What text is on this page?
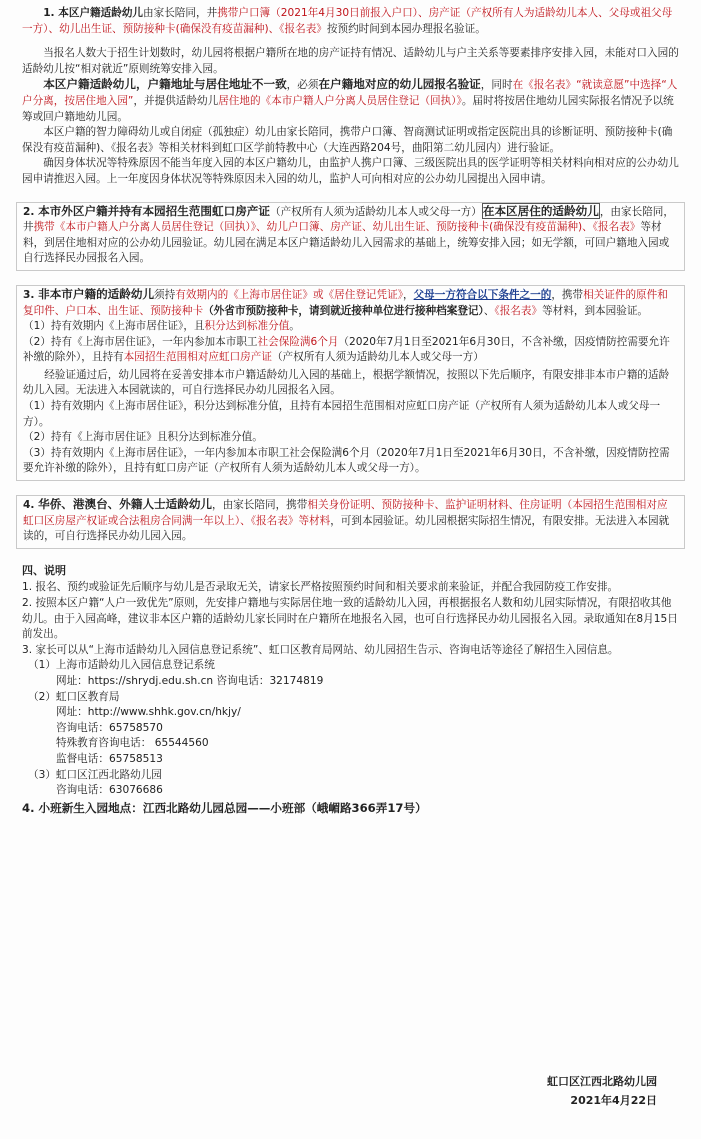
1. 本区户籍适龄幼儿由家长陪同，井携带户口簿（2021年4月30日前报入户口）、房产证（产权所有人为适龄幼儿本人、父母或祖父母一方）、幼儿出生证、预防接种卡(确保没有疫苗漏种)、《报名表》按预约时间到本园办理报名验证。

当报名人数大于招生计划数时，幼儿园将根据户籍所在地的房产证持有情况、适龄幼儿与户主关系等要素排序安排入园，未能对口入园的适龄幼儿按“相对就近”原则统筹安排入园。

本区户籍适龄幼儿，户籍地址与居住地址不一致，必须在户籍地对应的幼儿园报名验证，同时在《报名表》“就读意愿”中选择“人户分离，按居住地入园”，并提供适龄幼儿居住地的《本市户籍人户分离人员居住登记（回执）》。届时将按居住地幼儿园实际报名情况予以统筹或回户籍地幼儿园。

本区户籍的智力障碍幼儿或自闭症（孤独症）幼儿由家长陪同，携带户口簿、智商测试证明或指定医院出具的诊断证明、预防接种卡(确保没有疫苗漏种)、《报名表》等相关材料到虹口区学前特教中心（大连西路204号，曲阳第二幼儿园内）进行验证。

确因身体状况等特殊原因不能当年度入园的本区户籍幼儿，由监护人携户口簿、三级医院出具的医学证明等相关材料向相对应的公办幼儿园申请推迟入园。上一年度因身体状况等特殊原因未入园的幼儿，监护人可向相对应的公办幼儿园提出入园申请。

2. 本市外区户籍并持有本园招生范围虹口房产证（产权所有人须为适龄幼儿本人或父母一方）在本区居住的适龄幼儿，由家长陪同，井携带《本市户籍人户分离人员居住登记（回执）》、幼儿户口簿、房产证、幼儿出生证、预防接种卡(确保没有疫苗漏种)、《报名表》等材料，到居住地相对应的公办幼儿园验证。幼儿园在满足本区户籍适龄幼儿入园需求的基础上，统筹安排入园；如无学额，可回户籍地入园或自行选择民办园报名入园。

3. 非本市户籍的适龄幼儿须持有效期内的《上海市居住证》或《居住登记凭证》，父母一方符合以下条件之一的，携带相关证件的原件和复印件、户口本、出生证、预防接种卡（外省市预防接种卡，请到就近接种单位进行接种档案登记）、《报名表》等材料，到本园验证。

（1）持有效期内《上海市居住证》，且积分达到标准分值。

（2）持有《上海市居住证》，一年内参加本市职工社会保险满6个月（2020年7月1日至2021年6月30日，不含补缴，因疫情防控需要允许补缴的除外），且持有本园招生范围相对应虹口房产证（产权所有人须为适龄幼儿本人或父母一方）

经验证通过后，幼儿园将在妥善安排本市户籍适龄幼儿入园的基础上，根据学额情况，按照以下先后顺序，有限安排非本市户籍的适龄幼儿入园。无法进入本园就读的，可自行选择民办幼儿园报名入园。

（1）持有效期内《上海市居住证》，积分达到标准分值，且持有本园招生范围相对应虹口房产证（产权所有人须为适龄幼儿本人或父母一方）。

（2）持有《上海市居住证》且积分达到标准分值。

（3）持有效期内《上海市居住证》，一年内参加本市职工社会保险满6个月（2020年7月1日至2021年6月30日，不含补缴，因疫情防控需要允许补缴的除外），且持有虹口房产证（产权所有人须为适龄幼儿本人或父母一方）。

4. 华侨、港澳台、外籍人士适龄幼儿，由家长陪同，携带相关身份证明、预防接种卡、监护证明材料、住房证明（本园招生范围相对应虹口区房屋产权证或合法租房合同满一年以上）、《报名表》等材料，可到本园验证。幼儿园根据实际招生情况，有限安排。无法进入本园就读的，可自行选择民办幼儿园入园。

四、说明

1. 报名、预约或验证先后顺序与幼儿是否录取无关，请家长严格按照预约时间和相关要求前来验证，并配合我园防疫工作安排。

2. 按照本区户籍“人户一致优先”原则，先安排户籍地与实际居住地一致的适龄幼儿入园，再根据报名人数和幼儿园实际情况，有限招收其他幼儿。由于入园高峰，建议非本区户籍的适龄幼儿家长同时在户籍所在地报名入园，也可自行选择民办幼儿园报名入园。录取通知在8月15日前发出。

3. 家长可以从“上海市适龄幼儿入园信息登记系统”、虹口区教育局网站、幼儿园招生告示、咨询电话等途径了解招生入园信息。

（1）上海市适龄幼儿入园信息登记系统

网址：https://shrydj.edu.sh.cn 咨询电话：32174819

（2）虹口区教育局

网址：http://www.shhk.gov.cn/hkjy/

咨询电话：65758570

特殊教育咨询电话： 65544560

监督电话：65758513

（3）虹口区江西北路幼儿园

咨询电话：63076686

4. 小班新生入园地点：江西北路幼儿园总园——小班部（峨嵋路366弄17号）

虹口区江西北路幼儿园
2021年4月22日
